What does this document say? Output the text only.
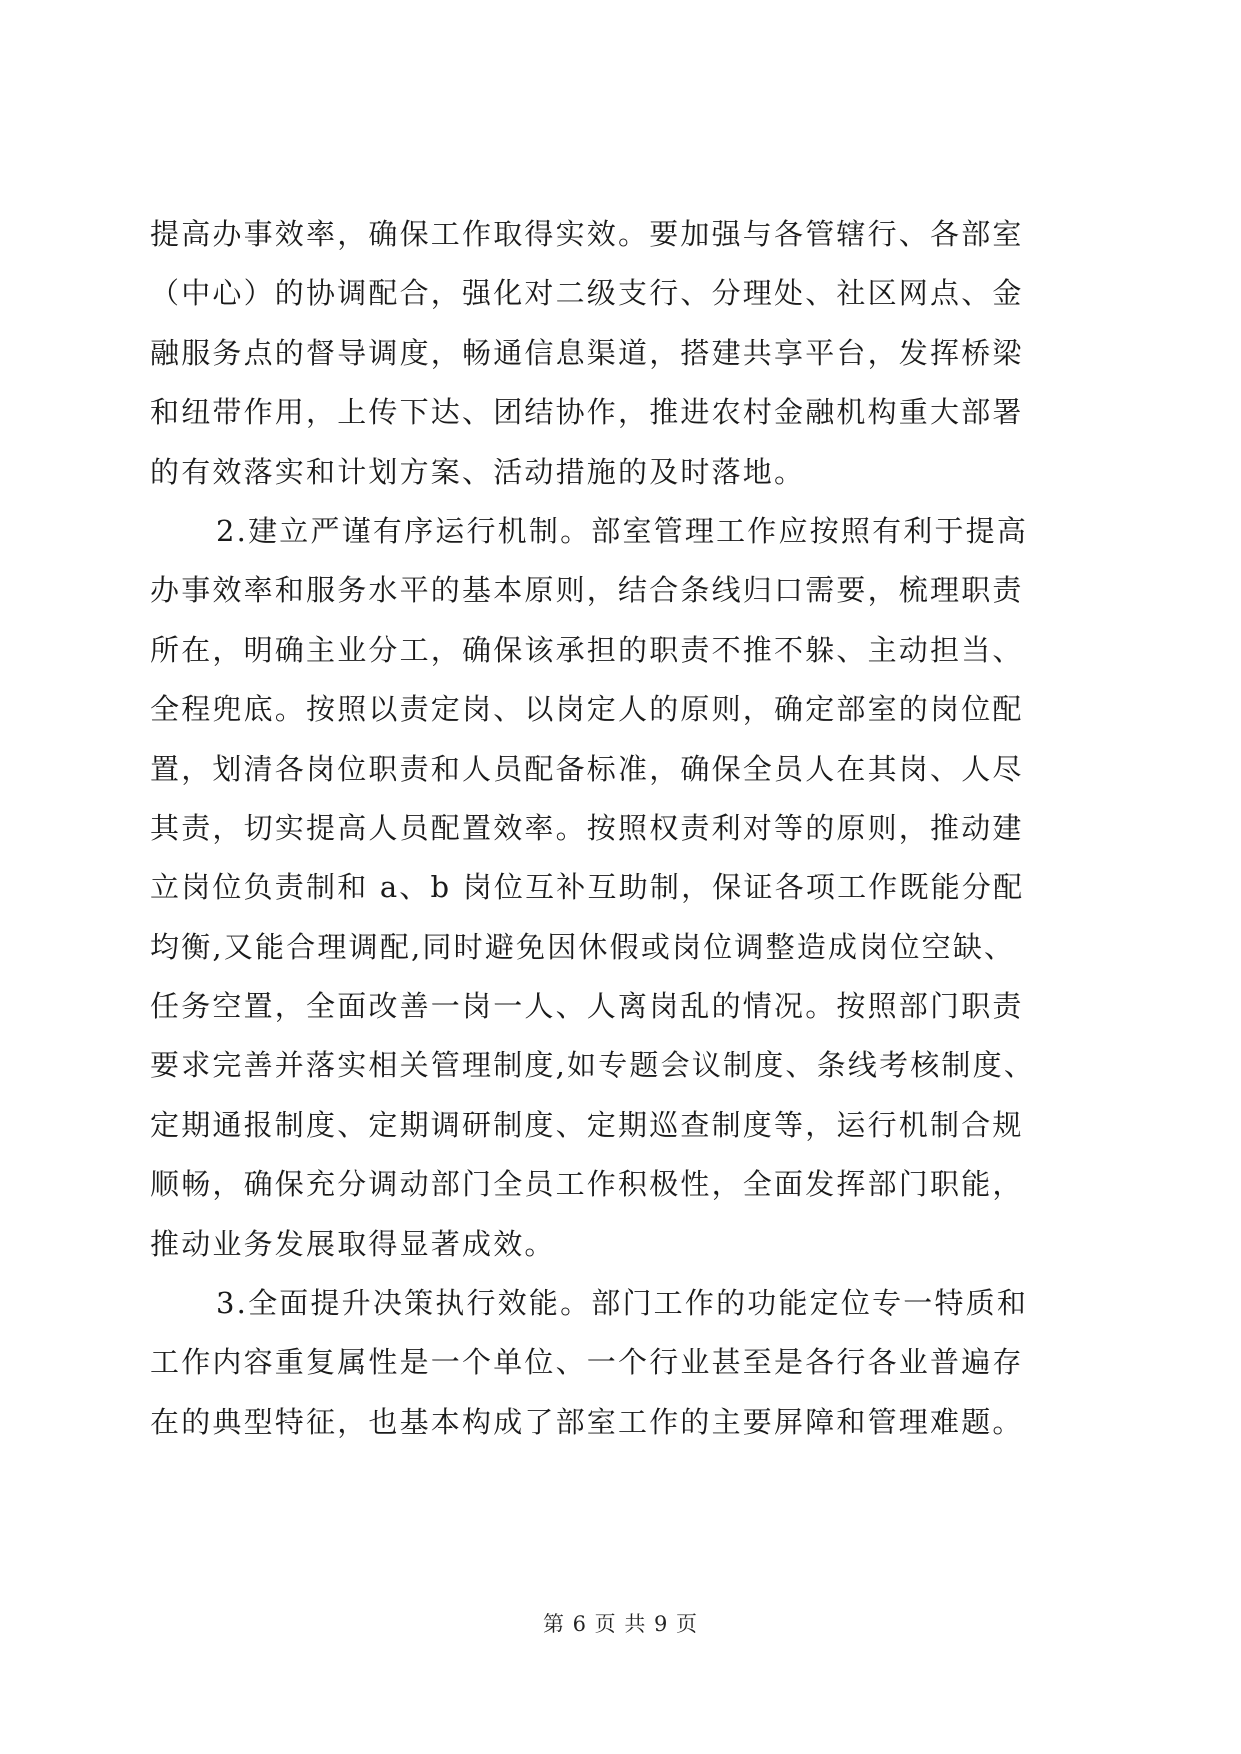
提高办事效率，确保工作取得实效。要加强与各管辖行、各部室
（中心）的协调配合，强化对二级支行、分理处、社区网点、金
融服务点的督导调度，畅通信息渠道，搭建共享平台，发挥桥梁
和纽带作用，上传下达、团结协作，推进农村金融机构重大部署
的有效落实和计划方案、活动措施的及时落地。
2.建立严谨有序运行机制。部室管理工作应按照有利于提高
办事效率和服务水平的基本原则，结合条线归口需要，梳理职责
所在，明确主业分工，确保该承担的职责不推不躲、主动担当、
全程兜底。按照以责定岗、以岗定人的原则，确定部室的岗位配
置，划清各岗位职责和人员配备标准，确保全员人在其岗、人尽
其责，切实提高人员配置效率。按照权责利对等的原则，推动建
立岗位负责制和 a、b 岗位互补互助制，保证各项工作既能分配
均衡,又能合理调配,同时避免因休假或岗位调整造成岗位空缺、
任务空置，全面改善一岗一人、人离岗乱的情况。按照部门职责
要求完善并落实相关管理制度,如专题会议制度、条线考核制度、
定期通报制度、定期调研制度、定期巡查制度等，运行机制合规
顺畅，确保充分调动部门全员工作积极性，全面发挥部门职能，
推动业务发展取得显著成效。
3.全面提升决策执行效能。部门工作的功能定位专一特质和
工作内容重复属性是一个单位、一个行业甚至是各行各业普遍存
在的典型特征，也基本构成了部室工作的主要屏障和管理难题。
第 6 页 共 9 页
